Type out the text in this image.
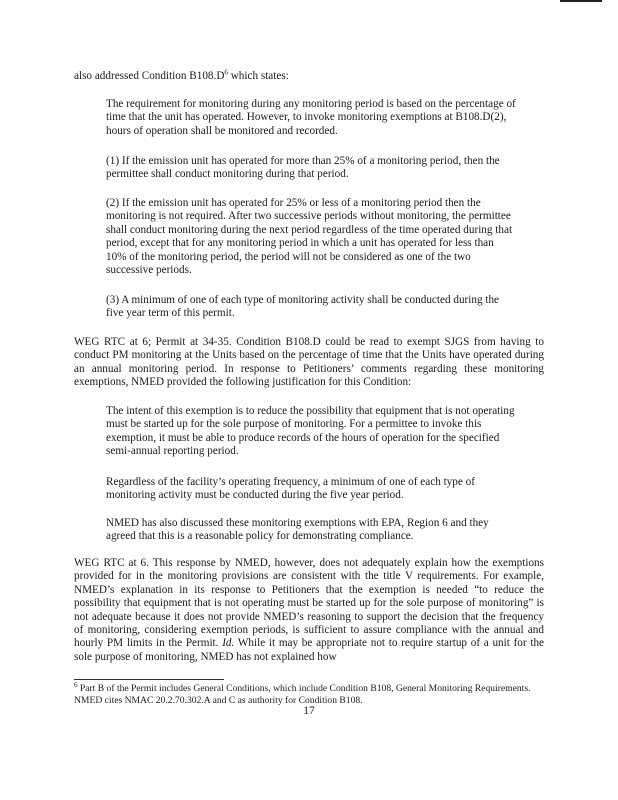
also addressed Condition $B108.D^6$ which states:

The requirement for monitoring during any monitoring period is based on the percentage of time that the unit has operated. However, to invoke monitoring exemptions at B108.D(2), hours of operation shall be monitored and recorded.

(1) If the emission unit has operated for more than 25% of a monitoring period, then the permittee shall conduct monitoring during that period.

(2) If the emission unit has operated for 25% or less of a monitoring period then the monitoring is not required. After two successive periods without monitoring, the permittee shall conduct monitoring during the next period regardless of the time operated during that period, except that for any monitoring period in which a unit has operated for less than 10% of the monitoring period, the period will not be considered as one of the two successive periods.

(3) A minimum of one of each type of monitoring activity shall be conducted during the five year term of this permit.

WEG RTC at 6; Permit at 34-35. Condition B108.D could be read to exempt SJGS from having to conduct PM monitoring at the Units based on the percentage of time that the Units have operated during an annual monitoring period. In response to Petitioners’ comments regarding these monitoring exemptions, NMED provided the following justification for this Condition:

The intent of this exemption is to reduce the possibility that equipment that is not operating must be started up for the sole purpose of monitoring. For a permittee to invoke this exemption, it must be able to produce records of the hours of operation for the specified semi-annual reporting period.

Regardless of the facility’s operating frequency, a minimum of one of each type of monitoring activity must be conducted during the five year period.

NMED has also discussed these monitoring exemptions with EPA, Region 6 and they agreed that this is a reasonable policy for demonstrating compliance.

WEG RTC at 6. This response by NMED, however, does not adequately explain how the exemptions provided for in the monitoring provisions are consistent with the title V requirements. For example, NMED’s explanation in its response to Petitioners that the exemption is needed “to reduce the possibility that equipment that is not operating must be started up for the sole purpose of monitoring” is not adequate because it does not provide NMED’s reasoning to support the decision that the frequency of monitoring, considering exemption periods, is sufficient to assure compliance with the annual and hourly PM limits in the Permit. Id. While it may be appropriate not to require startup of a unit for the sole purpose of monitoring, NMED has not explained how

$^6$ Part B of the Permit includes General Conditions, which include Condition B108, General Monitoring Requirements. NMED cites NMAC 20.2.70.302.A and C as authority for Condition B108.

17
